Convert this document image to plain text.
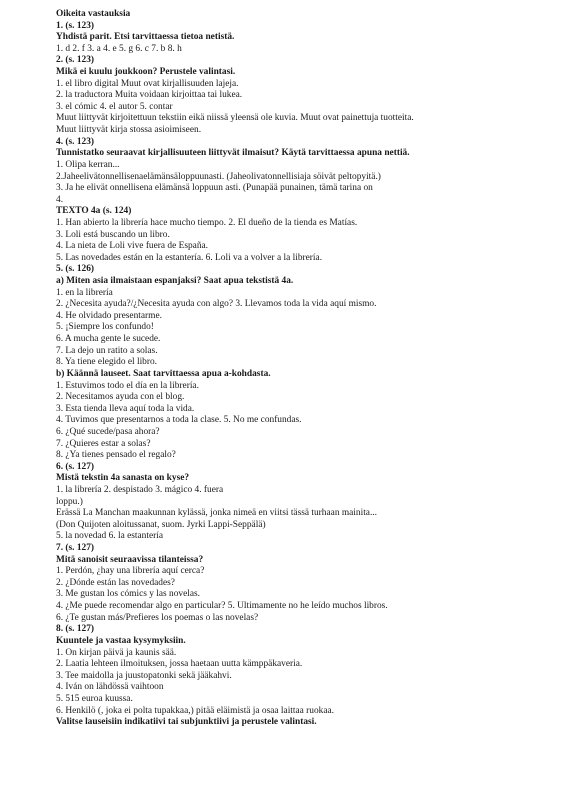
Oikeita vastauksia
1. (s. 123)
Yhdistä parit. Etsi tarvittaessa tietoa netistä.
1. d 2. f 3. a 4. e 5. g 6. c 7. b 8. h
2. (s. 123)
Mikä ei kuulu joukkoon? Perustele valintasi.
1. el libro digital Muut ovat kirjallisuuden lajeja.
2. la traductora Muita voidaan kirjoittaa tai lukea.
3. el cómic 4. el autor 5. contar
Muut liittyvät kirjoitettuun tekstiin eikä niissä yleensä ole kuvia. Muut ovat painettuja tuotteita.
Muut liittyvät kirja stossa asioimiseen.
4. (s. 123)
Tunnistatko seuraavat kirjallisuuteen liittyvät ilmaisut? Käytä tarvittaessa apuna nettiä.
1. Olipa kerran...
2.Jaheelivätonnellisenaelämänsäloppuunasti. (Jaheolivatonnellisiaja söivät peltopyitä.)
3. Ja he elivät onnellisena elämänsä loppuun asti. (Punapää punainen, tämä tarina on
4.
TEXTO 4a (s. 124)
1. Han abierto la librería hace mucho tiempo. 2. El dueño de la tienda es Matías.
3. Loli está buscando un libro.
4. La nieta de Loli vive fuera de España.
5. Las novedades están en la estantería. 6. Loli va a volver a la librería.
5. (s. 126)
a) Miten asia ilmaistaan espanjaksi? Saat apua tekstistä 4a.
1. en la librería
2. ¿Necesita ayuda?/¿Necesita ayuda con algo? 3. Llevamos toda la vida aquí mismo.
4. He olvidado presentarme.
5. ¡Siempre los confundo!
6. A mucha gente le sucede.
7. La dejo un ratito a solas.
8. Ya tiene elegido el libro.
b) Käännä lauseet. Saat tarvittaessa apua a-kohdasta.
1. Estuvimos todo el día en la librería.
2. Necesitamos ayuda con el blog.
3. Esta tienda lleva aquí toda la vida.
4. Tuvimos que presentarnos a toda la clase. 5. No me confundas.
6. ¿Qué sucede/pasa ahora?
7. ¿Quieres estar a solas?
8. ¿Ya tienes pensado el regalo?
6. (s. 127)
Mistä tekstin 4a sanasta on kyse?
1. la librería 2. despistado 3. mágico 4. fuera
loppu.)
Erässä La Manchan maakunnan kylässä, jonka nimeä en viitsi tässä turhaan mainita...
(Don Quijoten aloitussanat, suom. Jyrki Lappi-Seppälä)
5. la novedad 6. la estantería
7. (s. 127)
Mitä sanoisit seuraavissa tilanteissa?
1. Perdón, ¿hay una librería aquí cerca?
2. ¿Dónde están las novedades?
3. Me gustan los cómics y las novelas.
4. ¿Me puede recomendar algo en particular? 5. Últimamente no he leído muchos libros.
6. ¿Te gustan más/Prefieres los poemas o las novelas?
8. (s. 127)
Kuuntele ja vastaa kysymyksiin.
1. On kirjan päivä ja kaunis sää.
2. Laatia lehteen ilmoituksen, jossa haetaan uutta kämppäkaveria.
3. Tee maidolla ja juustopatonki sekä jääkahvi.
4. Iván on lähdössä vaihtoon
5. 515 euroa kuussa.
6. Henkilö (, joka ei polta tupakkaa,) pitää eläimistä ja osaa laittaa ruokaa.
Valitse lauseisiin indikatiivi tai subjunktiivi ja perustele valintasi.
